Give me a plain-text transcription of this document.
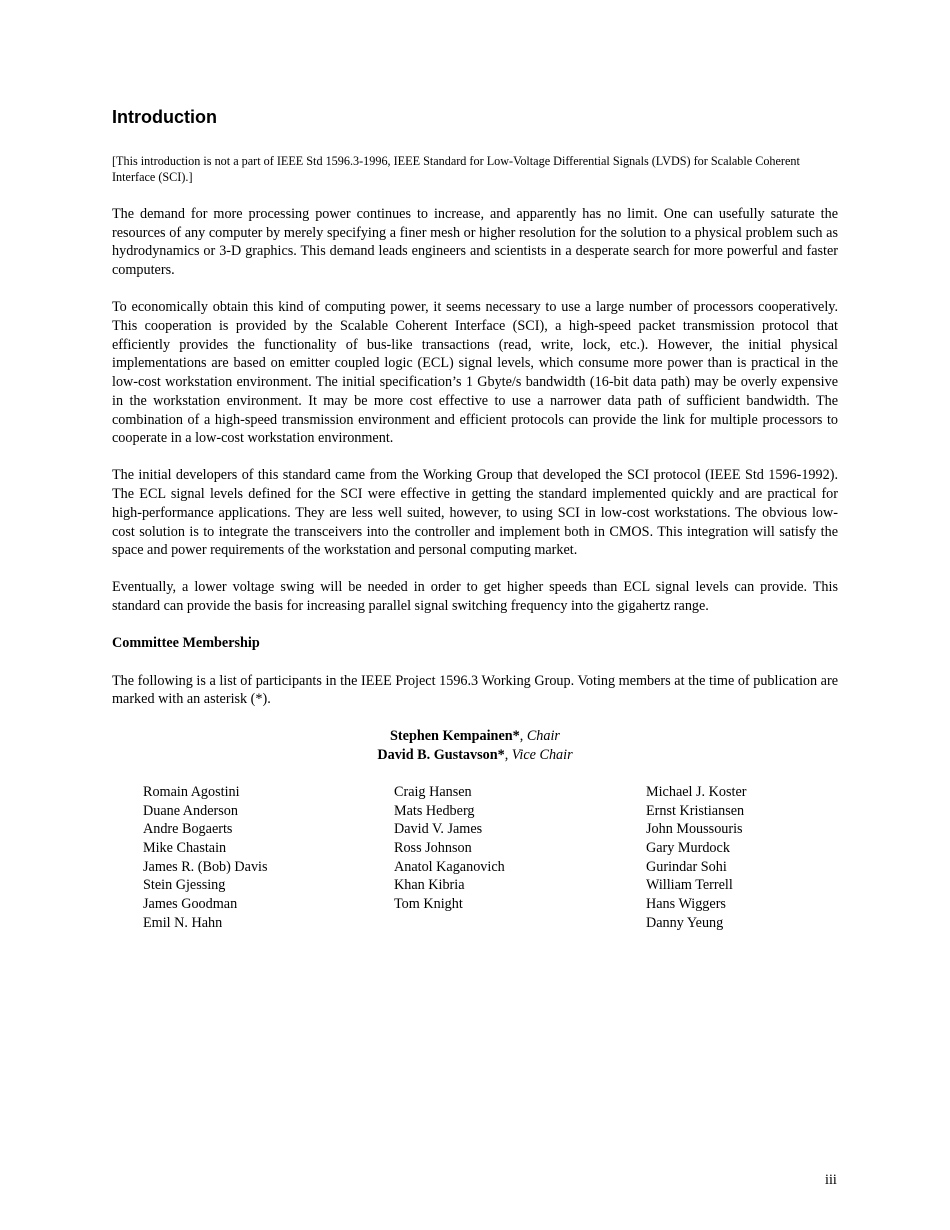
Introduction

[This introduction is not a part of IEEE Std 1596.3-1996, IEEE Standard for Low-Voltage Differential Signals (LVDS) for Scalable Coherent Interface (SCI).]

The demand for more processing power continues to increase, and apparently has no limit. One can usefully saturate the resources of any computer by merely specifying a finer mesh or higher resolution for the solution to a physical problem such as hydrodynamics or 3-D graphics. This demand leads engineers and scientists in a desperate search for more powerful and faster computers.

To economically obtain this kind of computing power, it seems necessary to use a large number of processors cooperatively. This cooperation is provided by the Scalable Coherent Interface (SCI), a high-speed packet transmission protocol that efficiently provides the functionality of bus-like transactions (read, write, lock, etc.). However, the initial physical implementations are based on emitter coupled logic (ECL) signal levels, which consume more power than is practical in the low-cost workstation environment. The initial specification’s 1 Gbyte/s bandwidth (16-bit data path) may be overly expensive in the workstation environment. It may be more cost effective to use a narrower data path of sufficient bandwidth. The combination of a high-speed transmission environment and efficient protocols can provide the link for multiple processors to cooperate in a low-cost workstation environment.

The initial developers of this standard came from the Working Group that developed the SCI protocol (IEEE Std 1596-1992). The ECL signal levels defined for the SCI were effective in getting the standard implemented quickly and are practical for high-performance applications. They are less well suited, however, to using SCI in low-cost workstations. The obvious low-cost solution is to integrate the transceivers into the controller and implement both in CMOS. This integration will satisfy the space and power requirements of the workstation and personal computing market.

Eventually, a lower voltage swing will be needed in order to get higher speeds than ECL signal levels can provide. This standard can provide the basis for increasing parallel signal switching frequency into the gigahertz range.

Committee Membership

The following is a list of participants in the IEEE Project 1596.3 Working Group. Voting members at the time of publication are marked with an asterisk (*).

Stephen Kempainen*, Chair
David B. Gustavson*, Vice Chair
Romain Agostini
Duane Anderson
Andre Bogaerts
Mike Chastain
James R. (Bob) Davis
Stein Gjessing
James Goodman
Emil N. Hahn
Craig Hansen
Mats Hedberg
David V. James
Ross Johnson
Anatol Kaganovich
Khan Kibria
Tom Knight
Michael J. Koster
Ernst Kristiansen
John Moussouris
Gary Murdock
Gurindar Sohi
William Terrell
Hans Wiggers
Danny Yeung
iii
